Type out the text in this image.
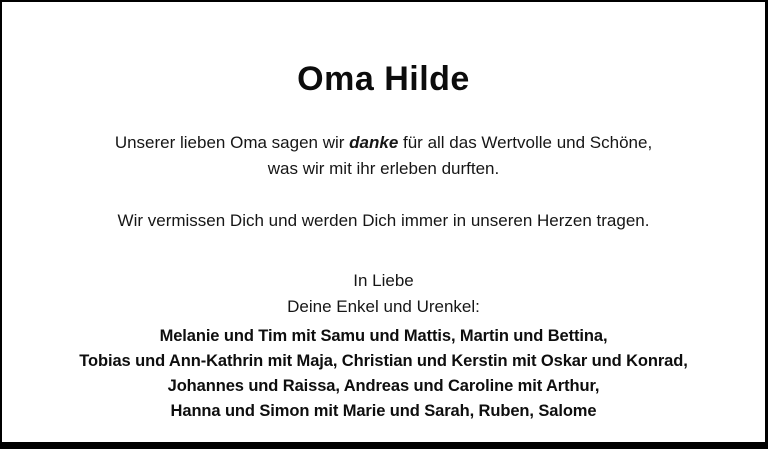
Oma Hilde

Unserer lieben Oma sagen wir danke für all das Wertvolle und Schöne,
was wir mit ihr erleben durften.

Wir vermissen Dich und werden Dich immer in unseren Herzen tragen.

In Liebe

Deine Enkel und Urenkel:

Melanie und Tim mit Samu und Mattis, Martin und Bettina,
Tobias und Ann-Kathrin mit Maja, Christian und Kerstin mit Oskar und Konrad,
Johannes und Raissa, Andreas und Caroline mit Arthur,
Hanna und Simon mit Marie und Sarah, Ruben, Salome
